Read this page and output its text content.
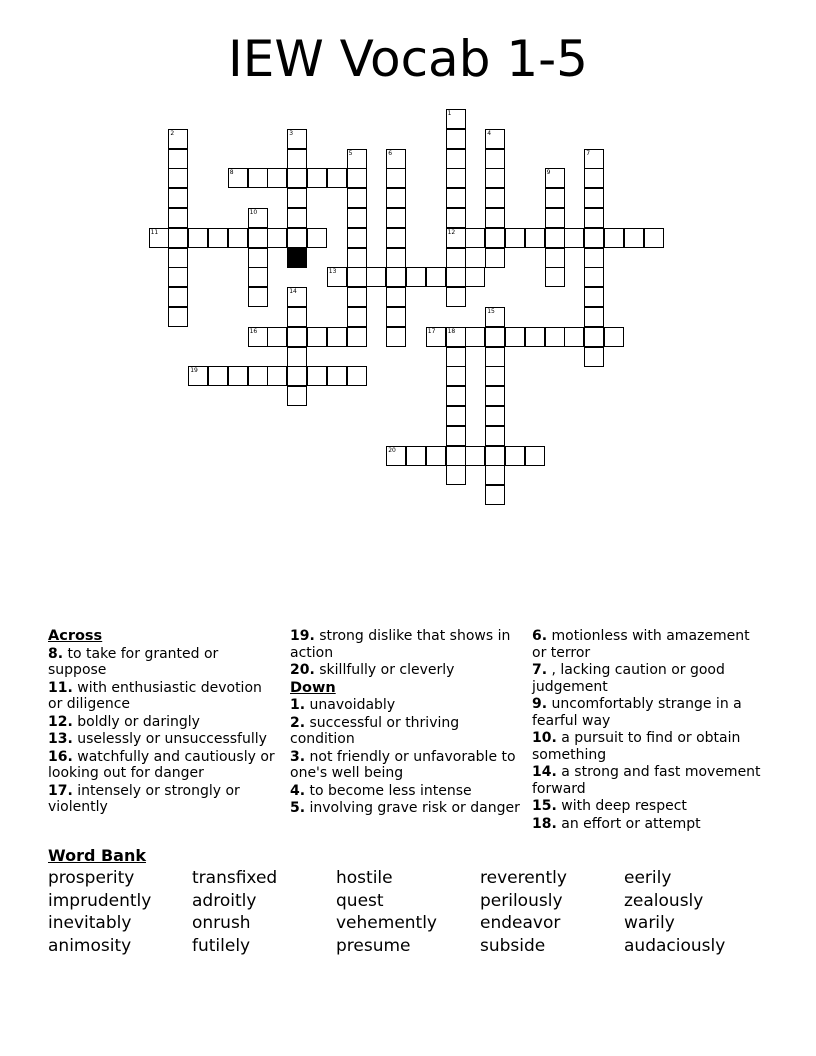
IEW Vocab 1-5
1
12
2	3	4
5	6	7
8	9
10
11
13
14
15
16	17 18
19
20
Across
8. to take for granted or suppose
11. with enthusiastic devotion or diligence
12. boldly or daringly
13. uselessly or unsuccessfully
16. watchfully and cautiously or looking out for danger
17. intensely or strongly or violently
19. strong dislike that shows in action
20. skillfully or cleverly
Down
1. unavoidably
2. successful or thriving condition
3. not friendly or unfavorable to one's well being
4. to become less intense
5. involving grave risk or danger
6. motionless with amazement or terror
7. , lacking caution or good judgement
9. uncomfortably strange in a fearful way
10. a pursuit to find or obtain something
14. a strong and fast movement forward
15. with deep respect
18. an effort or attempt
Word Bank
prosperity	transfixed	hostile	reverently	eerily
imprudently	adroitly	quest	perilously	zealously
inevitably	onrush	vehemently	endeavor	warily
animosity	futilely	presume	subside	audaciously
